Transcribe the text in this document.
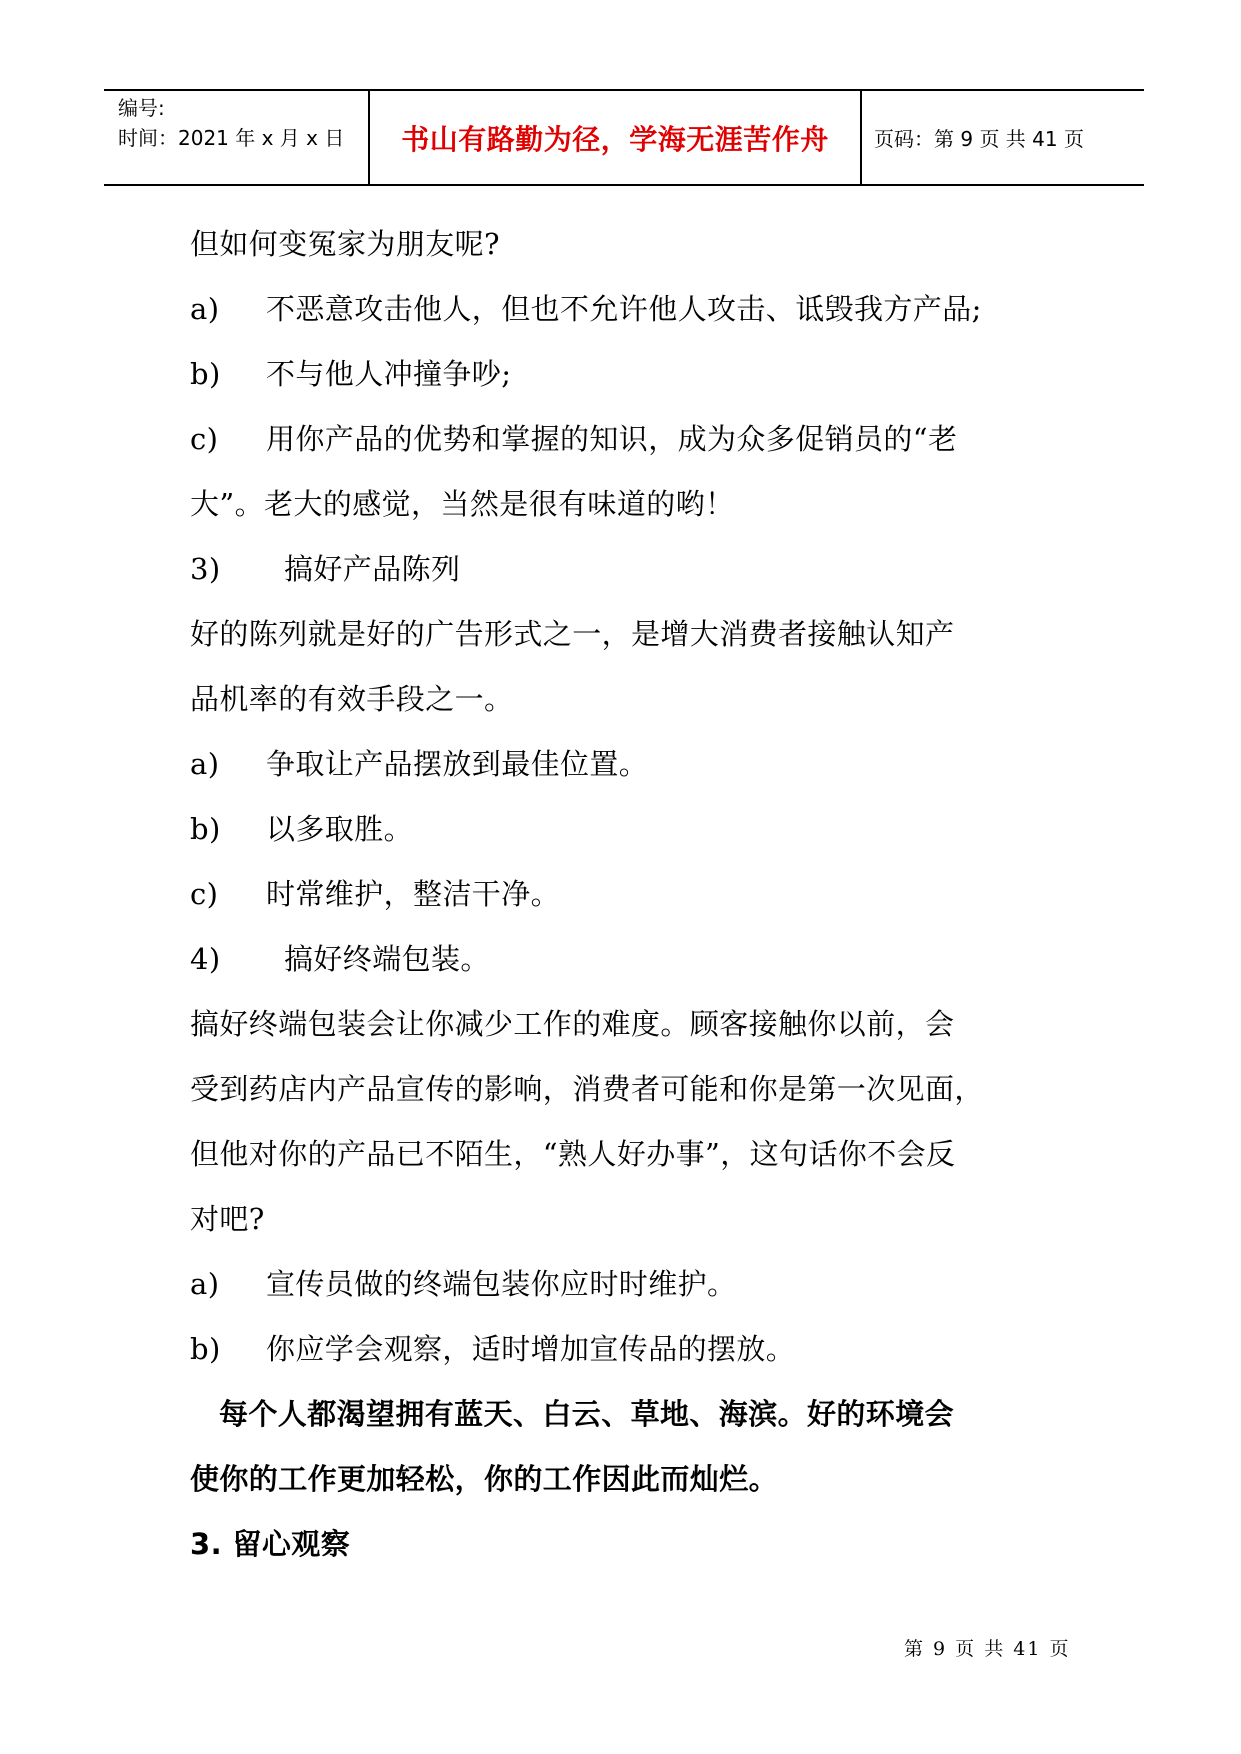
编号:
时间：2021 年 x 月 x 日	书山有路勤为径，学海无涯苦作舟	页码：第 9 页 共 41 页
但如何变冤家为朋友呢?
a)	不恶意攻击他人，但也不允许他人攻击、诋毁我方产品;
b)	不与他人冲撞争吵;
c)	用你产品的优势和掌握的知识，成为众多促销员的“老
大”。老大的感觉，当然是很有味道的哟！
3)	搞好产品陈列
好的陈列就是好的广告形式之一，是增大消费者接触认知产
品机率的有效手段之一。
a)	争取让产品摆放到最佳位置。
b)	以多取胜。
c)	时常维护，整洁干净。
4)	搞好终端包装。
搞好终端包装会让你减少工作的难度。顾客接触你以前，会
受到药店内产品宣传的影响，消费者可能和你是第一次见面，
但他对你的产品已不陌生，“熟人好办事”，这句话你不会反
对吧?
a)	宣传员做的终端包装你应时时维护。
b)	你应学会观察，适时增加宣传品的摆放。
每个人都渴望拥有蓝天、白云、草地、海滨。好的环境会
使你的工作更加轻松，你的工作因此而灿烂。
3. 留心观察
第 9 页 共 41 页
